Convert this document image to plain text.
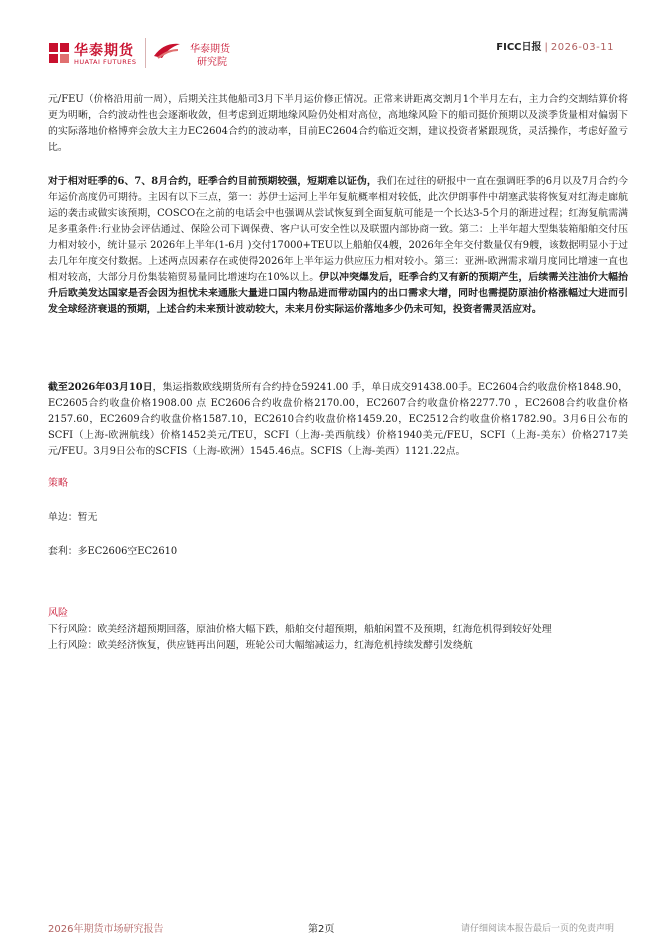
华泰期货
HUATAI FUTURES
华泰期货
研究院
FICC日报 | 2026-03-11

元/FEU（价格沿用前一周），后期关注其他船司3月下半月运价修正情况。正常来讲距离交割月1个半月左右，主力合约交割结算价将更为明晰，合约波动性也会逐渐收敛，但考虑到近期地缘风险仍处相对高位，高地缘风险下的船司挺价预期以及淡季货量相对偏弱下的实际落地价格博弈会放大主力EC2604合约的波动率，目前EC2604合约临近交割，建议投资者紧跟现货，灵活操作，考虑好盈亏比。

对于相对旺季的6、7、8月合约，旺季合约目前预期较强，短期难以证伪，我们在过往的研报中一直在强调旺季的6月以及7月合约今年运价高度仍可期待。主因有以下三点，第一：苏伊士运河上半年复航概率相对较低，此次伊朗事件中胡塞武装将恢复对红海走廊航运的袭击或做实该预期，COSCO在之前的电话会中也强调从尝试恢复到全面复航可能是一个长达3-5个月的渐进过程；红海复航需满足多重条件:行业协会评估通过、保险公司下调保费、客户认可安全性以及联盟内部协商一致。第二：上半年超大型集装箱船舶交付压力相对较小，统计显示 2026年上半年(1-6月 )交付17000+TEU以上船舶仅4艘，2026年全年交付数量仅有9艘，该数据明显小于过去几年年度交付数据。上述两点因素存在或使得2026年上半年运力供应压力相对较小。第三：亚洲-欧洲需求端月度同比增速一直也相对较高，大部分月份集装箱贸易量同比增速均在10%以上。伊以冲突爆发后，旺季合约又有新的预期产生，后续需关注油价大幅抬升后欧美发达国家是否会因为担忧未来通胀大量进口国内物品进而带动国内的出口需求大增，同时也需提防原油价格涨幅过大进而引发全球经济衰退的预期，上述合约未来预计波动较大，未来月份实际运价落地多少仍未可知，投资者需灵活应对。

截至2026年03月10日，集运指数欧线期货所有合约持仓59241.00 手，单日成交91438.00手。EC2604合约收盘价格1848.90，EC2605合约收盘价格1908.00 点 EC2606合约收盘价格2170.00，EC2607合约收盘价格2277.70 ，EC2608合约收盘价格2157.60，EC2609合约收盘价格1587.10，EC2610合约收盘价格1459.20，EC2512合约收盘价格1782.90。3月6日公布的SCFI（上海-欧洲航线）价格1452美元/TEU，SCFI（上海-美西航线）价格1940美元/FEU，SCFI（上海-美东）价格2717美元/FEU。3月9日公布的SCFIS（上海-欧洲）1545.46点。SCFIS（上海-美西）1121.22点。

策略

单边：暂无

套利：多EC2606空EC2610

风险

下行风险：欧美经济超预期回落，原油价格大幅下跌，船舶交付超预期，船舶闲置不及预期，红海危机得到较好处理

上行风险：欧美经济恢复，供应链再出问题，班轮公司大幅缩减运力，红海危机持续发酵引发绕航

2026年期货市场研究报告	第2页	请仔细阅读本报告最后一页的免责声明
